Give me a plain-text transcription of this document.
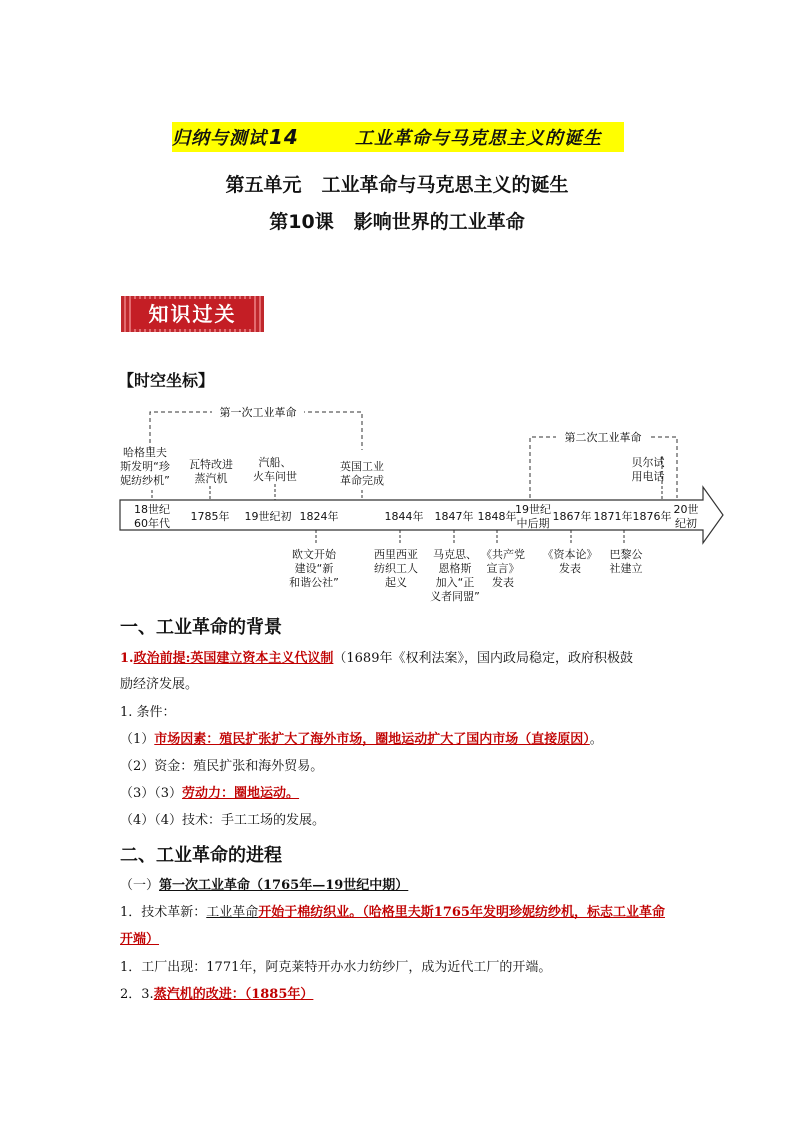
归纳与测试 14	工业革命与马克思主义的诞生
第五单元 工业革命与马克思主义的诞生
第10课 影响世界的工业革命
知识过关
【时空坐标】
第一次工业革命
第二次工业革命
18世纪
60年代
1785年 19世纪初 1824年	1844年 1847年 1848年
19世纪
中后期
1867年 1871年 1876年
20世
纪初
哈格里夫
斯发明“珍
妮纺纱机”
瓦特改进
蒸汽机
汽船、
火车问世
英国工业
革命完成
贝尔试
用电话
欧文开始
建设“新
和谐公社”
西里西亚
纺织工人
起义
马克思、
恩格斯
加入“正
义者同盟”
《共产党
宣言》
发表
《资本论》
发表
巴黎公
社建立
一、工业革命的背景
1.政治前提:英国建立资本主义代议制（1689年《权利法案》，国内政局稳定，政府积极鼓
励经济发展。
1. 条件：
（1）市场因素：殖民扩张扩大了海外市场，圈地运动扩大了国内市场（直接原因）。
（2）资金：殖民扩张和海外贸易。
（3）（3）劳动力：圈地运动。
（4）（4）技术：手工工场的发展。
二、工业革命的进程
（一）第一次工业革命（1765年—19世纪中期）
1．技术革新：工业革命开始于棉纺织业。（哈格里夫斯1765年发明珍妮纺纱机，标志工业革命
开端）
1．工厂出现：1771年，阿克莱特开办水力纺纱厂，成为近代工厂的开端。
2．3.蒸汽机的改进：（1885年）
